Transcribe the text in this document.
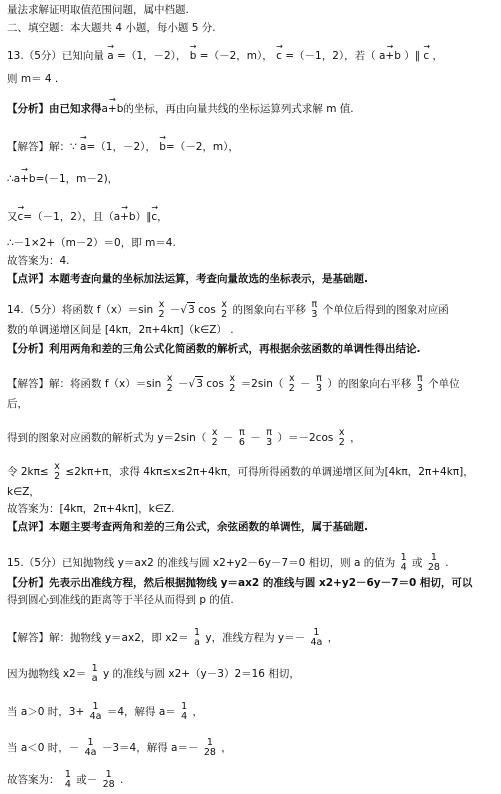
量法求解证明取值范围问题，属中档题.
二、填空题：本大题共 4 小题，每小题 5 分.
13.（5分）已知向量 → a =（1，－2）， → b =（－2，m）， → c =（－1，2），若（ → a+b ）∥ → c ，
则 m＝ 4 .
【分析】由已知求得→ a+b的坐标，再由向量共线的坐标运算列式求解 m 值.
【解答】解：∵ → a=（1，－2）， → b=（－2，m），
∴→ a+b=(－1，m－2)，
又→ c=（－1，2），且（→ a+b）∥→ c，
∴－1×2+（m－2）＝0，即 m＝4.
故答案为：4.
【点评】本题考查向量的坐标加法运算，考查向量故选的坐标表示，是基础题.
14.（5分）将函数 f（x）＝sin x
2 －√3 cos x
2 的图象向右平移 π
3 个单位后得到的图象对应函
数的单调递增区间是 [4kπ，2π+4kπ]（k∈Z） .
【分析】利用两角和差的三角公式化简函数的解析式，再根据余弦函数的单调性得出结论.
【解答】解：将函数 f（x）＝sin x
2 －√3 cos x
2 ＝2sin（ x
2 － π
3 ）的图象向右平移 π
3 个单位
后，
得到的图象对应函数的解析式为 y＝2sin（ x
2 － π
6 － π
3 ）＝－2cos x
2 ，
令 2kπ≤ x
2 ≤2kπ+π，求得 4kπ≤x≤2π+4kπ，可得所得函数的单调递增区间为[4kπ，2π+4kπ]，
k∈Z，
故答案为：[4kπ，2π+4kπ]，k∈Z.
【点评】本题主要考查两角和差的三角公式，余弦函数的单调性，属于基础题.
15.（5分）已知抛物线 y＝ax2 的准线与圆 x2+y2－6y－7＝0 相切，则 a 的值为 1
4 或 1
28 .
【分析】先表示出准线方程，然后根据抛物线 y＝ax2 的准线与圆 x2+y2－6y－7＝0 相切，可以
得到圆心到准线的距离等于半径从而得到 p 的值.
【解答】解：抛物线 y＝ax2，即 x2＝ 1
a y，准线方程为 y＝－ 1
4a ，
因为抛物线 x2＝ 1
a y 的准线与圆 x2+（y－3）2＝16 相切，
当 a＞0 时，3+ 1
4a ＝4，解得 a＝ 1
4 ，
当 a＜0 时，－ 1
4a －3＝4，解得 a＝－ 1
28 ，
故答案为： 1
4 或－ 1
28 .
